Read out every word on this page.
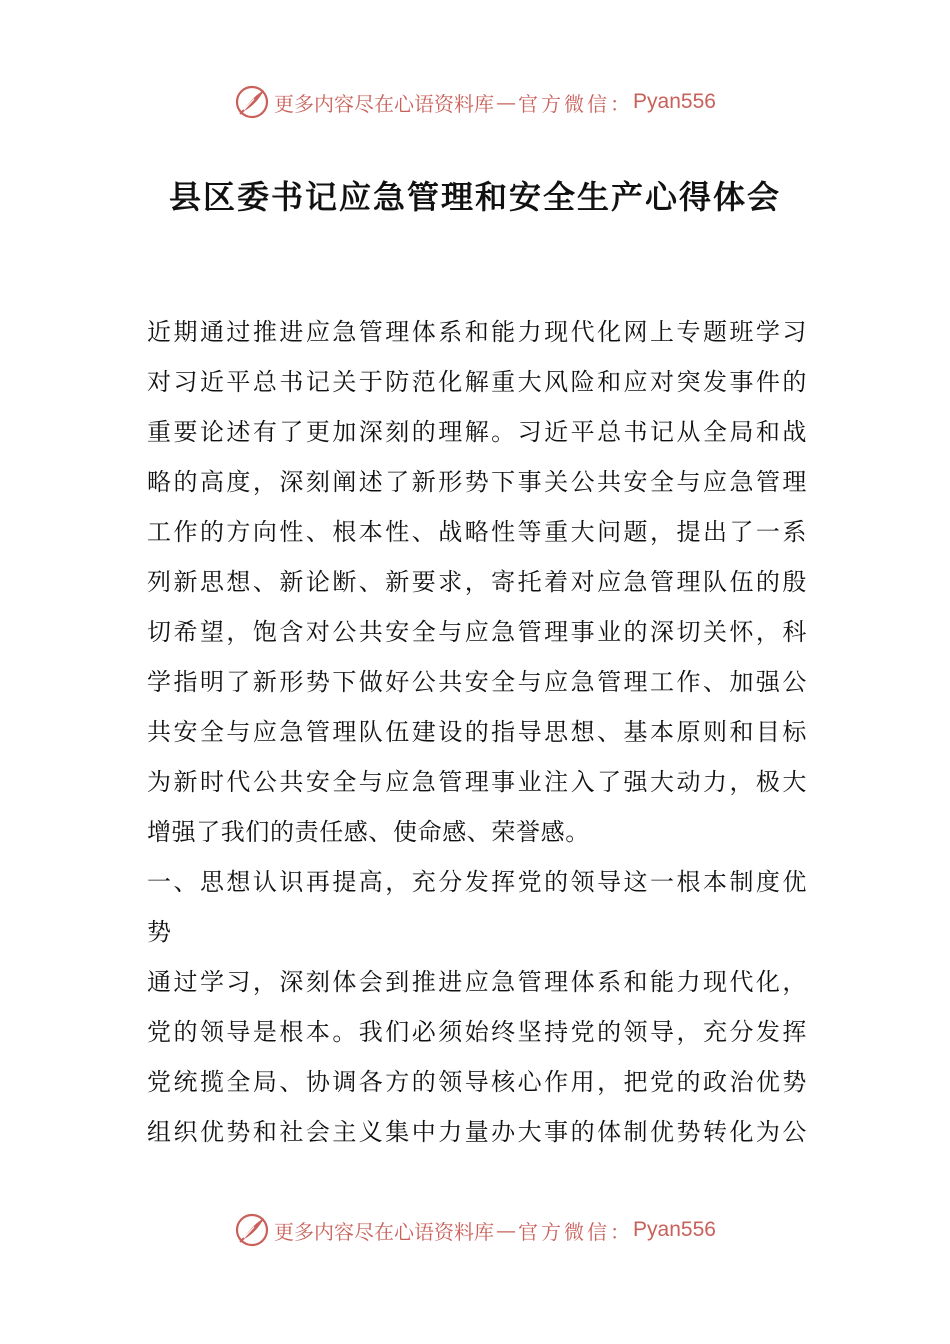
更多内容尽在心语资料库 — 官方微信： Pyan556
县区委书记应急管理和安全生产心得体会
近期通过推进应急管理体系和能力现代化网上专题班学习
对习近平总书记关于防范化解重大风险和应对突发事件的
重要论述有了更加深刻的理解。习近平总书记从全局和战
略的高度，深刻阐述了新形势下事关公共安全与应急管理
工作的方向性、根本性、战略性等重大问题，提出了一系
列新思想、新论断、新要求，寄托着对应急管理队伍的殷
切希望，饱含对公共安全与应急管理事业的深切关怀，科
学指明了新形势下做好公共安全与应急管理工作、加强公
共安全与应急管理队伍建设的指导思想、基本原则和目标
为新时代公共安全与应急管理事业注入了强大动力，极大
增强了我们的责任感、使命感、荣誉感。
一、思想认识再提高，充分发挥党的领导这一根本制度优
势
通过学习，深刻体会到推进应急管理体系和能力现代化，
党的领导是根本。我们必须始终坚持党的领导，充分发挥
党统揽全局、协调各方的领导核心作用，把党的政治优势
组织优势和社会主义集中力量办大事的体制优势转化为公
更多内容尽在心语资料库 — 官方微信： Pyan556
